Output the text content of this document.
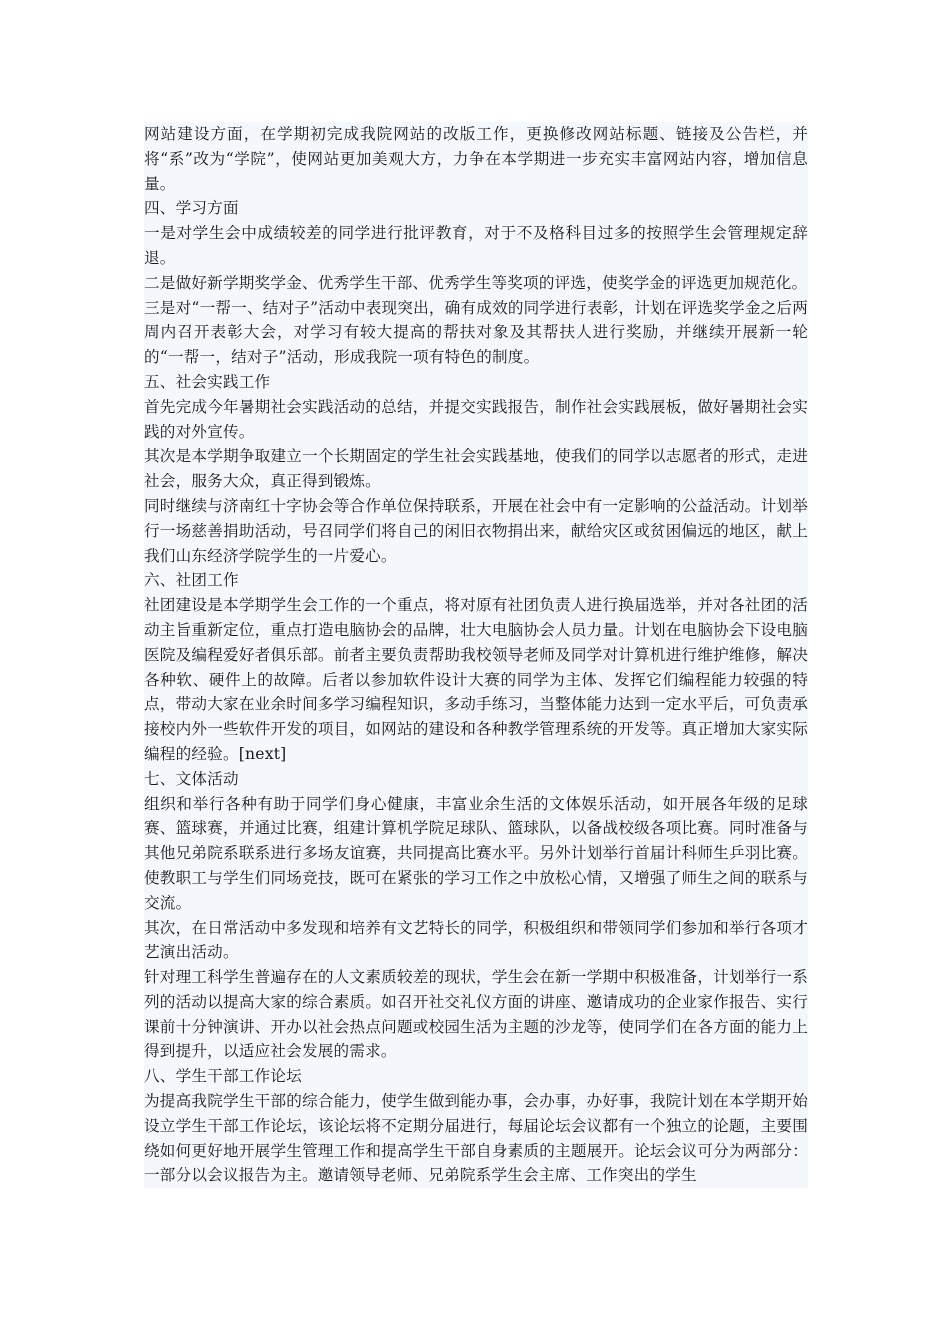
网站建设方面，在学期初完成我院网站的改版工作，更换修改网站标题、链接及公告栏，并将“系”改为“学院”，使网站更加美观大方，力争在本学期进一步充实丰富网站内容，增加信息量。

四、学习方面

一是对学生会中成绩较差的同学进行批评教育，对于不及格科目过多的按照学生会管理规定辞退。

二是做好新学期奖学金、优秀学生干部、优秀学生等奖项的评选，使奖学金的评选更加规范化。

三是对“一帮一、结对子”活动中表现突出，确有成效的同学进行表彰，计划在评选奖学金之后两周内召开表彰大会，对学习有较大提高的帮扶对象及其帮扶人进行奖励，并继续开展新一轮的“一帮一，结对子”活动，形成我院一项有特色的制度。

五、社会实践工作

首先完成今年暑期社会实践活动的总结，并提交实践报告，制作社会实践展板，做好暑期社会实践的对外宣传。

其次是本学期争取建立一个长期固定的学生社会实践基地，使我们的同学以志愿者的形式，走进社会，服务大众，真正得到锻炼。

同时继续与济南红十字协会等合作单位保持联系，开展在社会中有一定影响的公益活动。计划举行一场慈善捐助活动，号召同学们将自己的闲旧衣物捐出来，献给灾区或贫困偏远的地区，献上我们山东经济学院学生的一片爱心。

六、社团工作

社团建设是本学期学生会工作的一个重点，将对原有社团负责人进行换届选举，并对各社团的活动主旨重新定位，重点打造电脑协会的品牌，壮大电脑协会人员力量。计划在电脑协会下设电脑医院及编程爱好者俱乐部。前者主要负责帮助我校领导老师及同学对计算机进行维护维修，解决各种软、硬件上的故障。后者以参加软件设计大赛的同学为主体、发挥它们编程能力较强的特点，带动大家在业余时间多学习编程知识，多动手练习，当整体能力达到一定水平后，可负责承接校内外一些软件开发的项目，如网站的建设和各种教学管理系统的开发等。真正增加大家实际编程的经验。[next]

七、文体活动

组织和举行各种有助于同学们身心健康，丰富业余生活的文体娱乐活动，如开展各年级的足球赛、篮球赛，并通过比赛，组建计算机学院足球队、篮球队，以备战校级各项比赛。同时准备与其他兄弟院系联系进行多场友谊赛，共同提高比赛水平。另外计划举行首届计科师生乒羽比赛。使教职工与学生们同场竞技，既可在紧张的学习工作之中放松心情，又增强了师生之间的联系与交流。

其次，在日常活动中多发现和培养有文艺特长的同学，积极组织和带领同学们参加和举行各项才艺演出活动。

针对理工科学生普遍存在的人文素质较差的现状，学生会在新一学期中积极准备，计划举行一系列的活动以提高大家的综合素质。如召开社交礼仪方面的讲座、邀请成功的企业家作报告、实行课前十分钟演讲、开办以社会热点问题或校园生活为主题的沙龙等，使同学们在各方面的能力上得到提升，以适应社会发展的需求。

八、学生干部工作论坛

为提高我院学生干部的综合能力，使学生做到能办事，会办事，办好事，我院计划在本学期开始设立学生干部工作论坛，该论坛将不定期分届进行，每届论坛会议都有一个独立的论题，主要围绕如何更好地开展学生管理工作和提高学生干部自身素质的主题展开。论坛会议可分为两部分：一部分以会议报告为主。邀请领导老师、兄弟院系学生会主席、工作突出的学生
